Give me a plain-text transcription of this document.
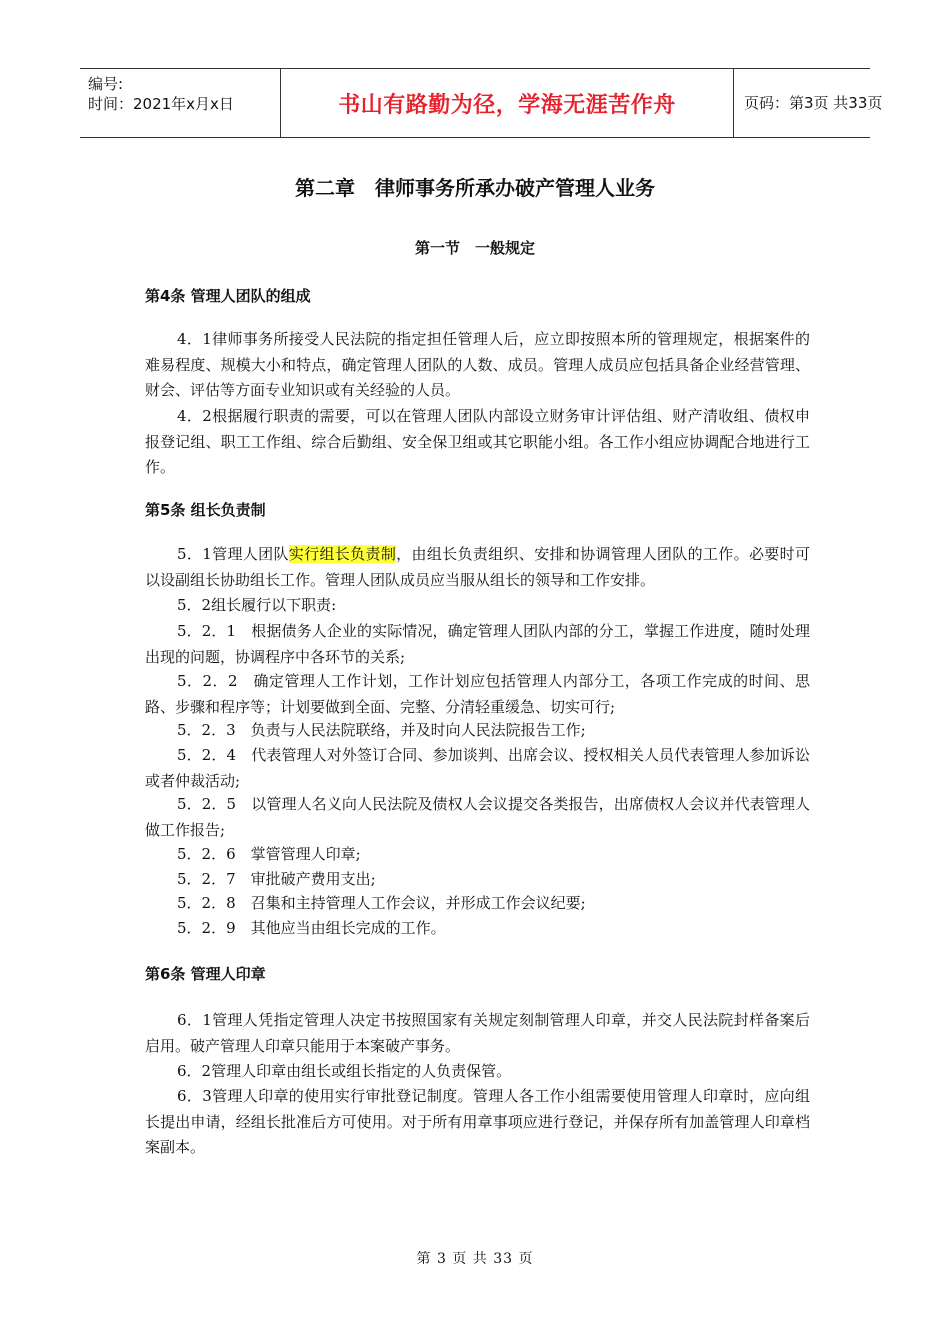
编号:
时间：2021年x月x日	书山有路勤为径，学海无涯苦作舟	页码：第3页 共33页
第二章　律师事务所承办破产管理人业务
第一节　一般规定
第4条 管理人团队的组成
4．1律师事务所接受人民法院的指定担任管理人后，应立即按照本所的管理规定，根据案件的难易程度、规模大小和特点，确定管理人团队的人数、成员。管理人成员应包括具备企业经营管理、财会、评估等方面专业知识或有关经验的人员。
4．2根据履行职责的需要，可以在管理人团队内部设立财务审计评估组、财产清收组、债权申报登记组、职工工作组、综合后勤组、安全保卫组或其它职能小组。各工作小组应协调配合地进行工作。
第5条 组长负责制
5．1管理人团队实行组长负责制，由组长负责组织、安排和协调管理人团队的工作。必要时可以设副组长协助组长工作。管理人团队成员应当服从组长的领导和工作安排。
5．2组长履行以下职责:
5．2．1　根据债务人企业的实际情况，确定管理人团队内部的分工，掌握工作进度，随时处理出现的问题，协调程序中各环节的关系;
5．2．2　确定管理人工作计划，工作计划应包括管理人内部分工，各项工作完成的时间、思路、步骤和程序等；计划要做到全面、完整、分清轻重缓急、切实可行;
5．2．3　负责与人民法院联络，并及时向人民法院报告工作;
5．2．4　代表管理人对外签订合同、参加谈判、出席会议、授权相关人员代表管理人参加诉讼或者仲裁活动;
5．2．5　以管理人名义向人民法院及债权人会议提交各类报告，出席债权人会议并代表管理人做工作报告;
5．2．6　掌管管理人印章;
5．2．7　审批破产费用支出;
5．2．8　召集和主持管理人工作会议，并形成工作会议纪要;
5．2．9　其他应当由组长完成的工作。
第6条 管理人印章
6．1管理人凭指定管理人决定书按照国家有关规定刻制管理人印章，并交人民法院封样备案后启用。破产管理人印章只能用于本案破产事务。
6．2管理人印章由组长或组长指定的人负责保管。
6．3管理人印章的使用实行审批登记制度。管理人各工作小组需要使用管理人印章时，应向组长提出申请，经组长批准后方可使用。对于所有用章事项应进行登记，并保存所有加盖管理人印章档案副本。
第 3 页 共 33 页
